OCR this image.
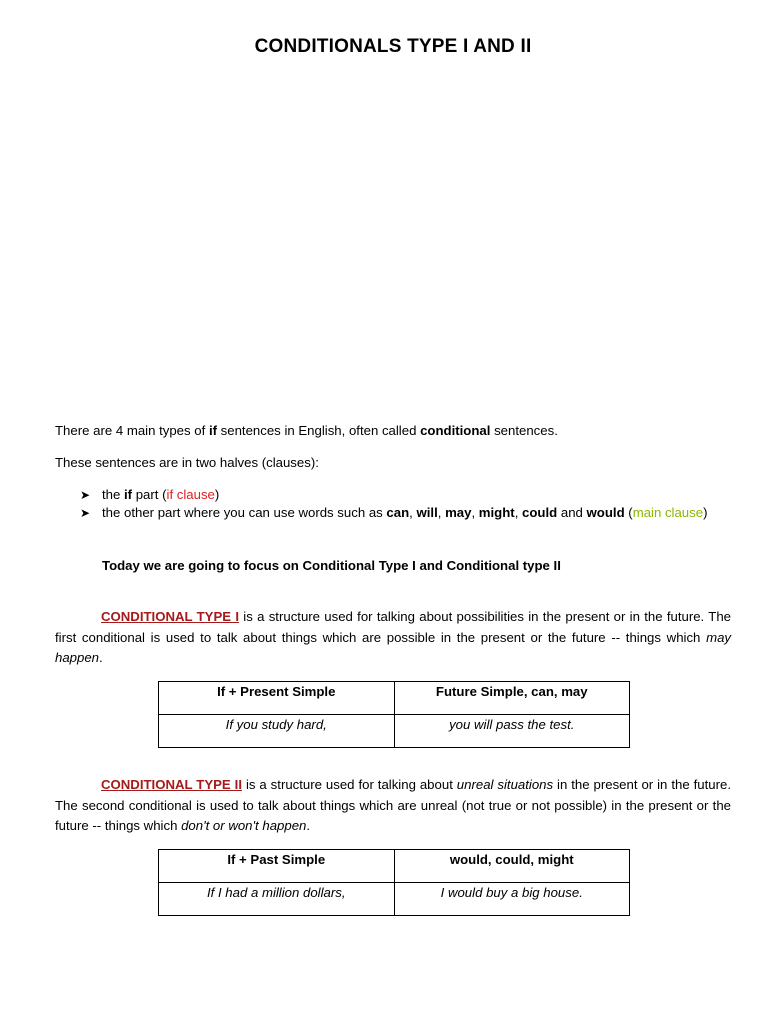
CONDITIONALS TYPE I AND II
There are 4 main types of if sentences in English, often called conditional sentences.
These sentences are in two halves (clauses):
➤ the if part (if clause)
➤ the other part where you can use words such as can, will, may, might, could and would (main clause)
Today we are going to focus on Conditional Type I and Conditional type II
CONDITIONAL TYPE I is a structure used for talking about possibilities in the present or in the future. The first conditional is used to talk about things which are possible in the present or the future -- things which may happen.
If + Present Simple	Future Simple, can, may
If you study hard,	you will pass the test.
CONDITIONAL TYPE II is a structure used for talking about unreal situations in the present or in the future. The second conditional is used to talk about things which are unreal (not true or not possible) in the present or the future -- things which don't or won't happen.
If + Past Simple	would, could, might
If I had a million dollars,	I would buy a big house.
